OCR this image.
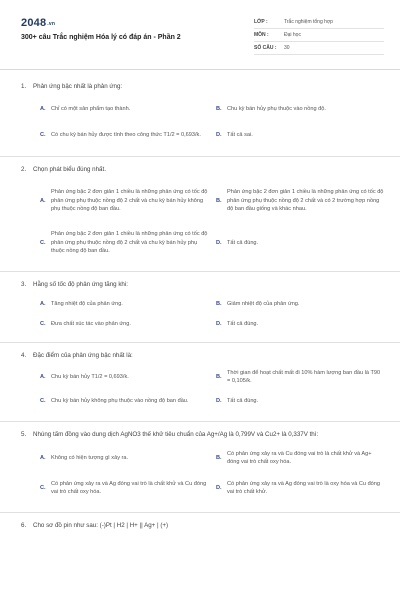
2048.vn
300+ câu Trắc nghiệm Hóa lý có đáp án - Phần 2
LỚP :	Trắc nghiệm tổng hợp
MÔN :	Đại học
SỐ CÂU :	30
1.	Phản ứng bậc nhất là phản ứng:
A. Chỉ có một sản phẩm tạo thành.	B. Chu kỳ bán hủy phụ thuộc vào nồng độ.
C. Có chu kỳ bán hủy được tính theo công thức T1/2 = 0,693/k.	D. Tất cả sai.
2.	Chọn phát biểu đúng nhất.
A.
Phản ứng bậc 2 đơn giản 1 chiều là những phản ứng có tốc độ phản ứng phụ thuộc nồng độ 2 chất và chu kỳ bán hủy không phụ thuộc nồng độ ban đầu.
B.
Phản ứng bậc 2 đơn giản 1 chiều là những phản ứng có tốc độ phản ứng phụ thuộc nồng độ 2 chất và có 2 trường hợp nồng độ ban đầu giống và khác nhau.
C.
Phản ứng bậc 2 đơn giản 1 chiều là những phản ứng có tốc độ phản ứng phụ thuộc nồng độ 2 chất và chu kỳ bán hủy phụ thuộc nồng độ ban đầu.
D. Tất cả đúng.
3.	Hằng số tốc độ phản ứng tăng khi:
A. Tăng nhiệt độ của phản ứng.	B. Giảm nhiệt độ của phản ứng.
C. Đưa chất xúc tác vào phản ứng.	D. Tất cả đúng.
4.	Đặc điểm của phản ứng bậc nhất là:
A. Chu kỳ bán hủy T1/2 = 0,693/k.	B.
Thời gian để hoạt chất mất đi 10% hàm lượng ban đầu là T90 = 0,105/k.
C. Chu kỳ bán hủy không phụ thuộc vào nồng độ ban đầu.	D. Tất cả đúng.
5.	Nhúng tấm đồng vào dung dịch AgNO3 thế khử tiêu chuẩn của Ag+/Ag là 0,799V và Cu2+ là 0,337V thì:
A. Không có hiện tượng gì xảy ra.	B.
Có phản ứng xảy ra và Cu đóng vai trò là chất khử và Ag+ đóng vai trò chất oxy hóa.
C.
Có phản ứng xảy ra và Ag đóng vai trò là chất khử và Cu đóng vai trò chất oxy hóa.
D.
Có phản ứng xảy ra và Ag đóng vai trò là oxy hóa và Cu đóng vai trò chất khử.
6.	Cho sơ đồ pin như sau: (-)Pt | H2 | H+ || Ag+ | (+)
